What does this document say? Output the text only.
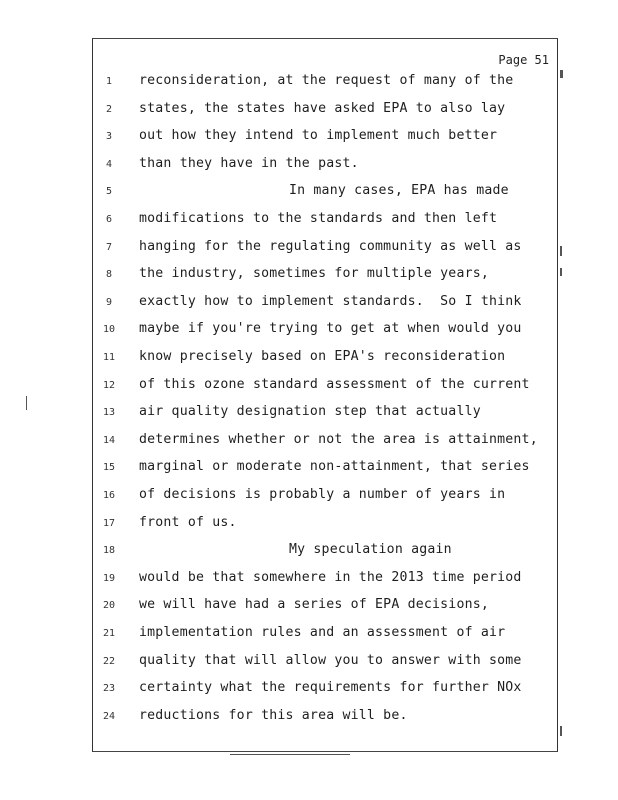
Page 51
1	reconsideration, at the request of many of the
2	states, the states have asked EPA to also lay
3	out how they intend to implement much better
4	than they have in the past.
5	In many cases, EPA has made
6	modifications to the standards and then left
7	hanging for the regulating community as well as
8	the industry, sometimes for multiple years,
9	exactly how to implement standards.  So I think
10	maybe if you're trying to get at when would you
11	know precisely based on EPA's reconsideration
12	of this ozone standard assessment of the current
13	air quality designation step that actually
14	determines whether or not the area is attainment,
15	marginal or moderate non-attainment, that series
16	of decisions is probably a number of years in
17	front of us.
18	My speculation again
19	would be that somewhere in the 2013 time period
20	we will have had a series of EPA decisions,
21	implementation rules and an assessment of air
22	quality that will allow you to answer with some
23	certainty what the requirements for further NOx
24	reductions for this area will be.
